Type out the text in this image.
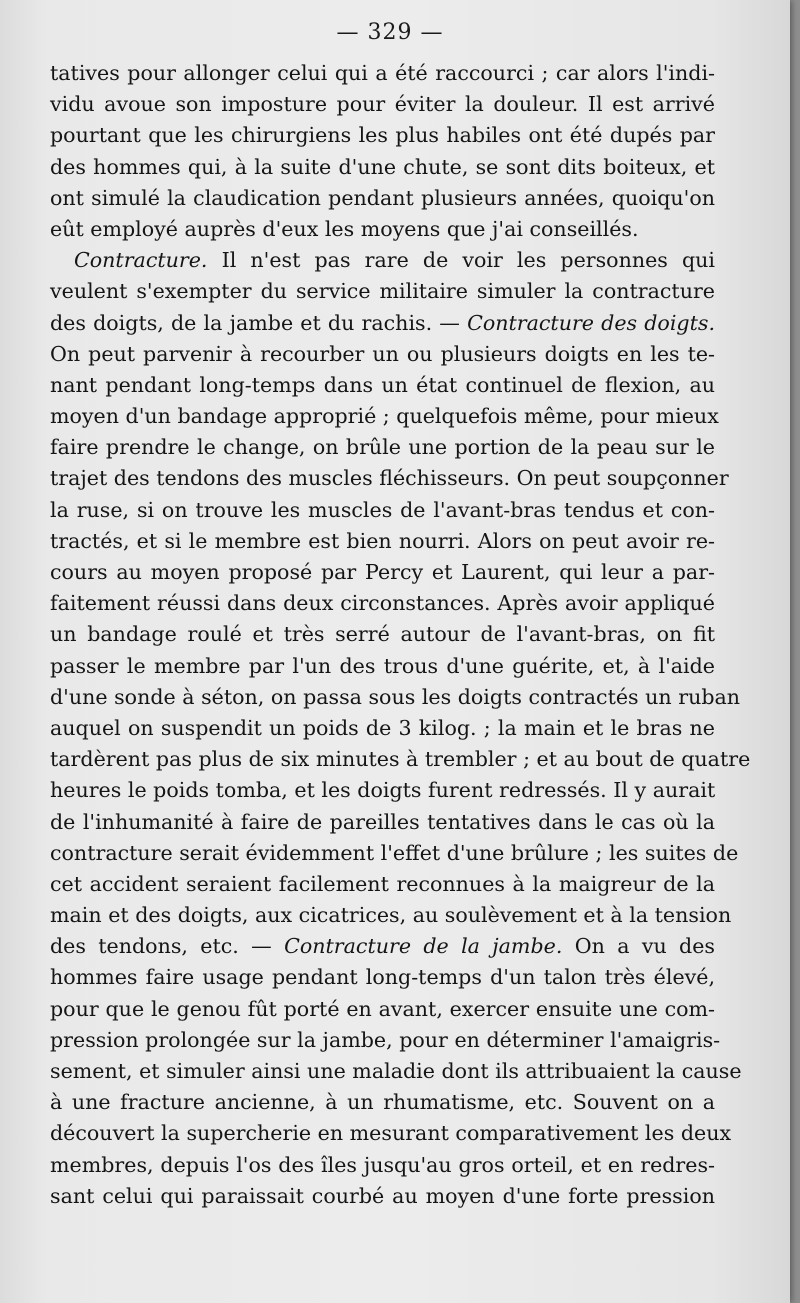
— 329 —
tatives pour allonger celui qui a été raccourci ; car alors l'indi-
vidu avoue son imposture pour éviter la douleur. Il est arrivé
pourtant que les chirurgiens les plus habiles ont été dupés par
des hommes qui, à la suite d'une chute, se sont dits boiteux, et
ont simulé la claudication pendant plusieurs années, quoiqu'on
eût employé auprès d'eux les moyens que j'ai conseillés.
Contracture. Il n'est pas rare de voir les personnes qui
veulent s'exempter du service militaire simuler la contracture
des doigts, de la jambe et du rachis. — Contracture des doigts.
On peut parvenir à recourber un ou plusieurs doigts en les te-
nant pendant long-temps dans un état continuel de flexion, au
moyen d'un bandage approprié ; quelquefois même, pour mieux
faire prendre le change, on brûle une portion de la peau sur le
trajet des tendons des muscles fléchisseurs. On peut soupçonner
la ruse, si on trouve les muscles de l'avant-bras tendus et con-
tractés, et si le membre est bien nourri. Alors on peut avoir re-
cours au moyen proposé par Percy et Laurent, qui leur a par-
faitement réussi dans deux circonstances. Après avoir appliqué
un bandage roulé et très serré autour de l'avant-bras, on fit
passer le membre par l'un des trous d'une guérite, et, à l'aide
d'une sonde à séton, on passa sous les doigts contractés un ruban
auquel on suspendit un poids de 3 kilog. ; la main et le bras ne
tardèrent pas plus de six minutes à trembler ; et au bout de quatre
heures le poids tomba, et les doigts furent redressés. Il y aurait
de l'inhumanité à faire de pareilles tentatives dans le cas où la
contracture serait évidemment l'effet d'une brûlure ; les suites de
cet accident seraient facilement reconnues à la maigreur de la
main et des doigts, aux cicatrices, au soulèvement et à la tension
des tendons, etc. — Contracture de la jambe. On a vu des
hommes faire usage pendant long-temps d'un talon très élevé,
pour que le genou fût porté en avant, exercer ensuite une com-
pression prolongée sur la jambe, pour en déterminer l'amaigris-
sement, et simuler ainsi une maladie dont ils attribuaient la cause
à une fracture ancienne, à un rhumatisme, etc. Souvent on a
découvert la supercherie en mesurant comparativement les deux
membres, depuis l'os des îles jusqu'au gros orteil, et en redres-
sant celui qui paraissait courbé au moyen d'une forte pression
